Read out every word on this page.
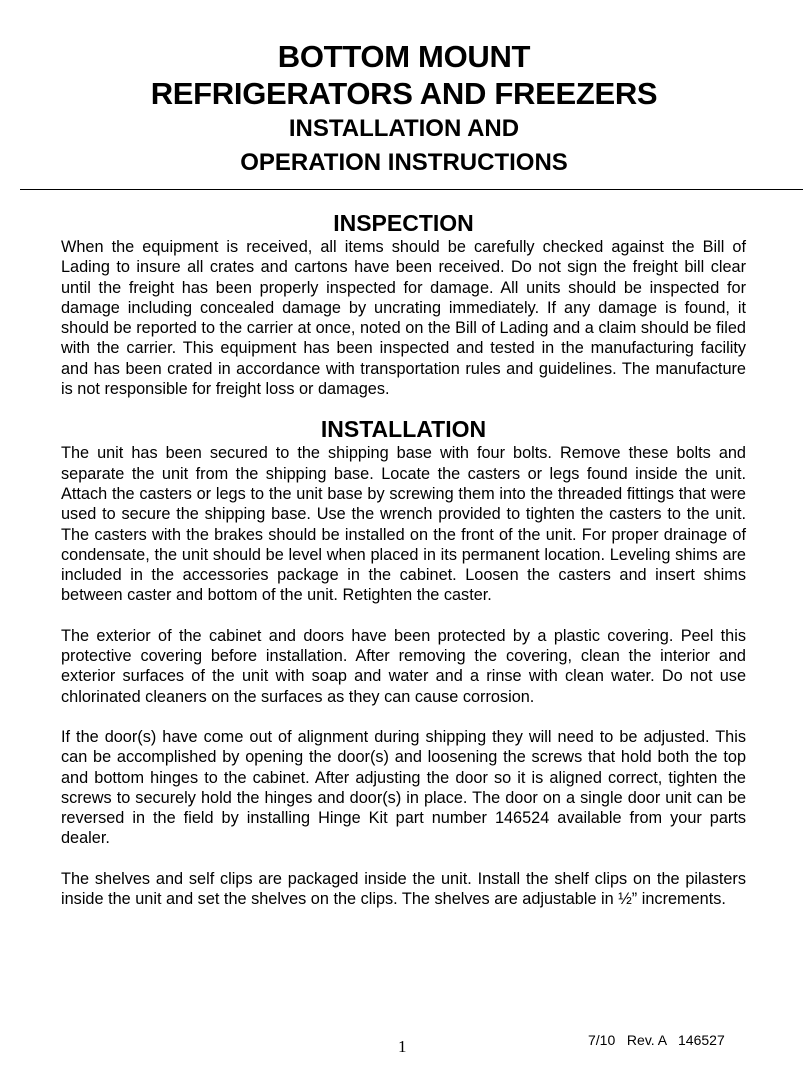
BOTTOM MOUNT
REFRIGERATORS AND FREEZERS
INSTALLATION AND
OPERATION INSTRUCTIONS
INSPECTION

When the equipment is received, all items should be carefully checked against the Bill of Lading to insure all crates and cartons have been received. Do not sign the freight bill clear until the freight has been properly inspected for damage. All units should be inspected for damage including concealed damage by uncrating immediately. If any damage is found, it should be reported to the carrier at once, noted on the Bill of Lading and a claim should be filed with the carrier. This equipment has been inspected and tested in the manufacturing facility and has been crated in accordance with transportation rules and guidelines. The manufacture is not responsible for freight loss or damages.

INSTALLATION

The unit has been secured to the shipping base with four bolts. Remove these bolts and separate the unit from the shipping base. Locate the casters or legs found inside the unit. Attach the casters or legs to the unit base by screwing them into the threaded fittings that were used to secure the shipping base. Use the wrench provided to tighten the casters to the unit. The casters with the brakes should be installed on the front of the unit. For proper drainage of condensate, the unit should be level when placed in its permanent location. Leveling shims are included in the accessories package in the cabinet. Loosen the casters and insert shims between caster and bottom of the unit. Retighten the caster.

The exterior of the cabinet and doors have been protected by a plastic covering. Peel this protective covering before installation. After removing the covering, clean the interior and exterior surfaces of the unit with soap and water and a rinse with clean water. Do not use chlorinated cleaners on the surfaces as they can cause corrosion.

If the door(s) have come out of alignment during shipping they will need to be adjusted. This can be accomplished by opening the door(s) and loosening the screws that hold both the top and bottom hinges to the cabinet. After adjusting the door so it is aligned correct, tighten the screws to securely hold the hinges and door(s) in place. The door on a single door unit can be reversed in the field by installing Hinge Kit part number 146524 available from your parts dealer.

The shelves and self clips are packaged inside the unit. Install the shelf clips on the pilasters inside the unit and set the shelves on the clips. The shelves are adjustable in ½” increments.

1	7/10   Rev. A   146527
